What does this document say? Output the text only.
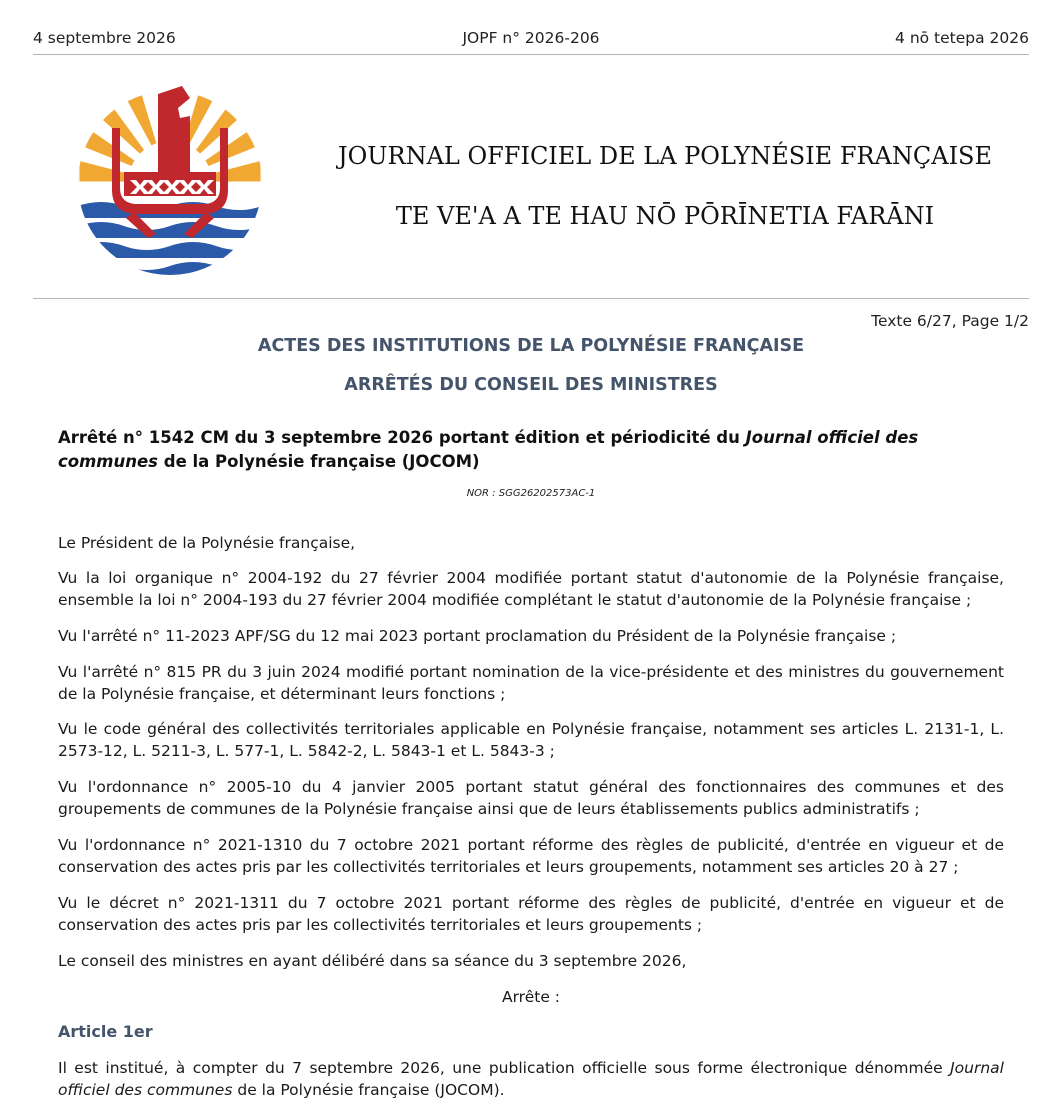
4 septembre 2026	JOPF n° 2026-206	4 nō tetepa 2026
JOURNAL OFFICIEL DE LA POLYNÉSIE FRANÇAISE
TE VE'A A TE HAU NŌ PŌRĪNETIA FARĀNI
Texte 6/27, Page 1/2
ACTES DES INSTITUTIONS DE LA POLYNÉSIE FRANÇAISE
ARRÊTÉS DU CONSEIL DES MINISTRES
Arrêté n° 1542 CM du 3 septembre 2026 portant édition et périodicité du Journal officiel des communes de la Polynésie française (JOCOM)
NOR : SGG26202573AC-1
Le Président de la Polynésie française,
Vu la loi organique n° 2004-192 du 27 février 2004 modifiée portant statut d'autonomie de la Polynésie française, ensemble la loi n° 2004-193 du 27 février 2004 modifiée complétant le statut d'autonomie de la Polynésie française ;
Vu l'arrêté n° 11-2023 APF/SG du 12 mai 2023 portant proclamation du Président de la Polynésie française ;
Vu l'arrêté n° 815 PR du 3 juin 2024 modifié portant nomination de la vice-présidente et des ministres du gouvernement de la Polynésie française, et déterminant leurs fonctions ;
Vu le code général des collectivités territoriales applicable en Polynésie française, notamment ses articles L. 2131-1, L. 2573-12, L. 5211-3, L. 577-1, L. 5842-2, L. 5843-1 et L. 5843-3 ;
Vu l'ordonnance n° 2005-10 du 4 janvier 2005 portant statut général des fonctionnaires des communes et des groupements de communes de la Polynésie française ainsi que de leurs établissements publics administratifs ;
Vu l'ordonnance n° 2021-1310 du 7 octobre 2021 portant réforme des règles de publicité, d'entrée en vigueur et de conservation des actes pris par les collectivités territoriales et leurs groupements, notamment ses articles 20 à 27 ;
Vu le décret n° 2021-1311 du 7 octobre 2021 portant réforme des règles de publicité, d'entrée en vigueur et de conservation des actes pris par les collectivités territoriales et leurs groupements ;
Le conseil des ministres en ayant délibéré dans sa séance du 3 septembre 2026,
Arrête :
Article 1er
Il est institué, à compter du 7 septembre 2026, une publication officielle sous forme électronique dénommée Journal officiel des communes de la Polynésie française (JOCOM).
